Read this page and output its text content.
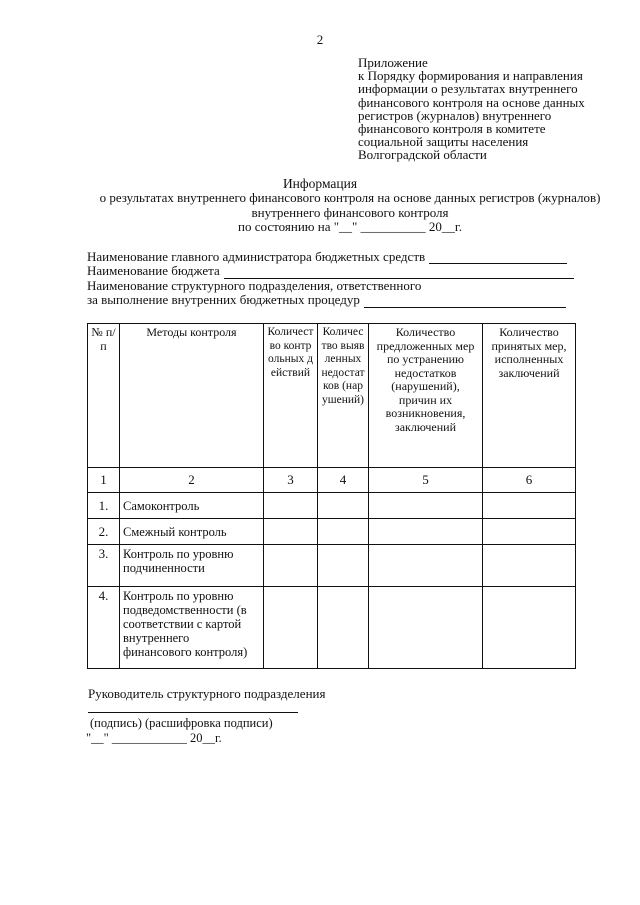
2
Приложение
к Порядку формирования и направления
информации о результатах внутреннего
финансового контроля на основе данных
регистров (журналов) внутреннего
финансового контроля в комитете
социальной защиты населения
Волгоградской области
Информация
о результатах внутреннего финансового контроля на основе данных регистров (журналов)
внутреннего финансового контроля
по состоянию на "__" __________ 20__г.
Наименование главного администратора бюджетных средств
Наименование бюджета
Наименование структурного подразделения, ответственного
за выполнение внутренних бюджетных процедур
№ п/п	Методы контроля	Количество контрольных действий	Количество выявленных недостатков (нарушений)	Количество предложенных мер по устранению недостатков (нарушений), причин их возникновения, заключений	Количество принятых мер, исполненных заключений
1	2	3	4	5	6
1.	Самоконтроль				
2.	Смежный контроль				
3.	Контроль по уровню подчиненности				
4.	Контроль по уровню подведомственности (в соответствии с картой внутреннего финансового контроля)				
Руководитель структурного подразделения
(подпись) (расшифровка подписи)
"__" ____________ 20__г.
